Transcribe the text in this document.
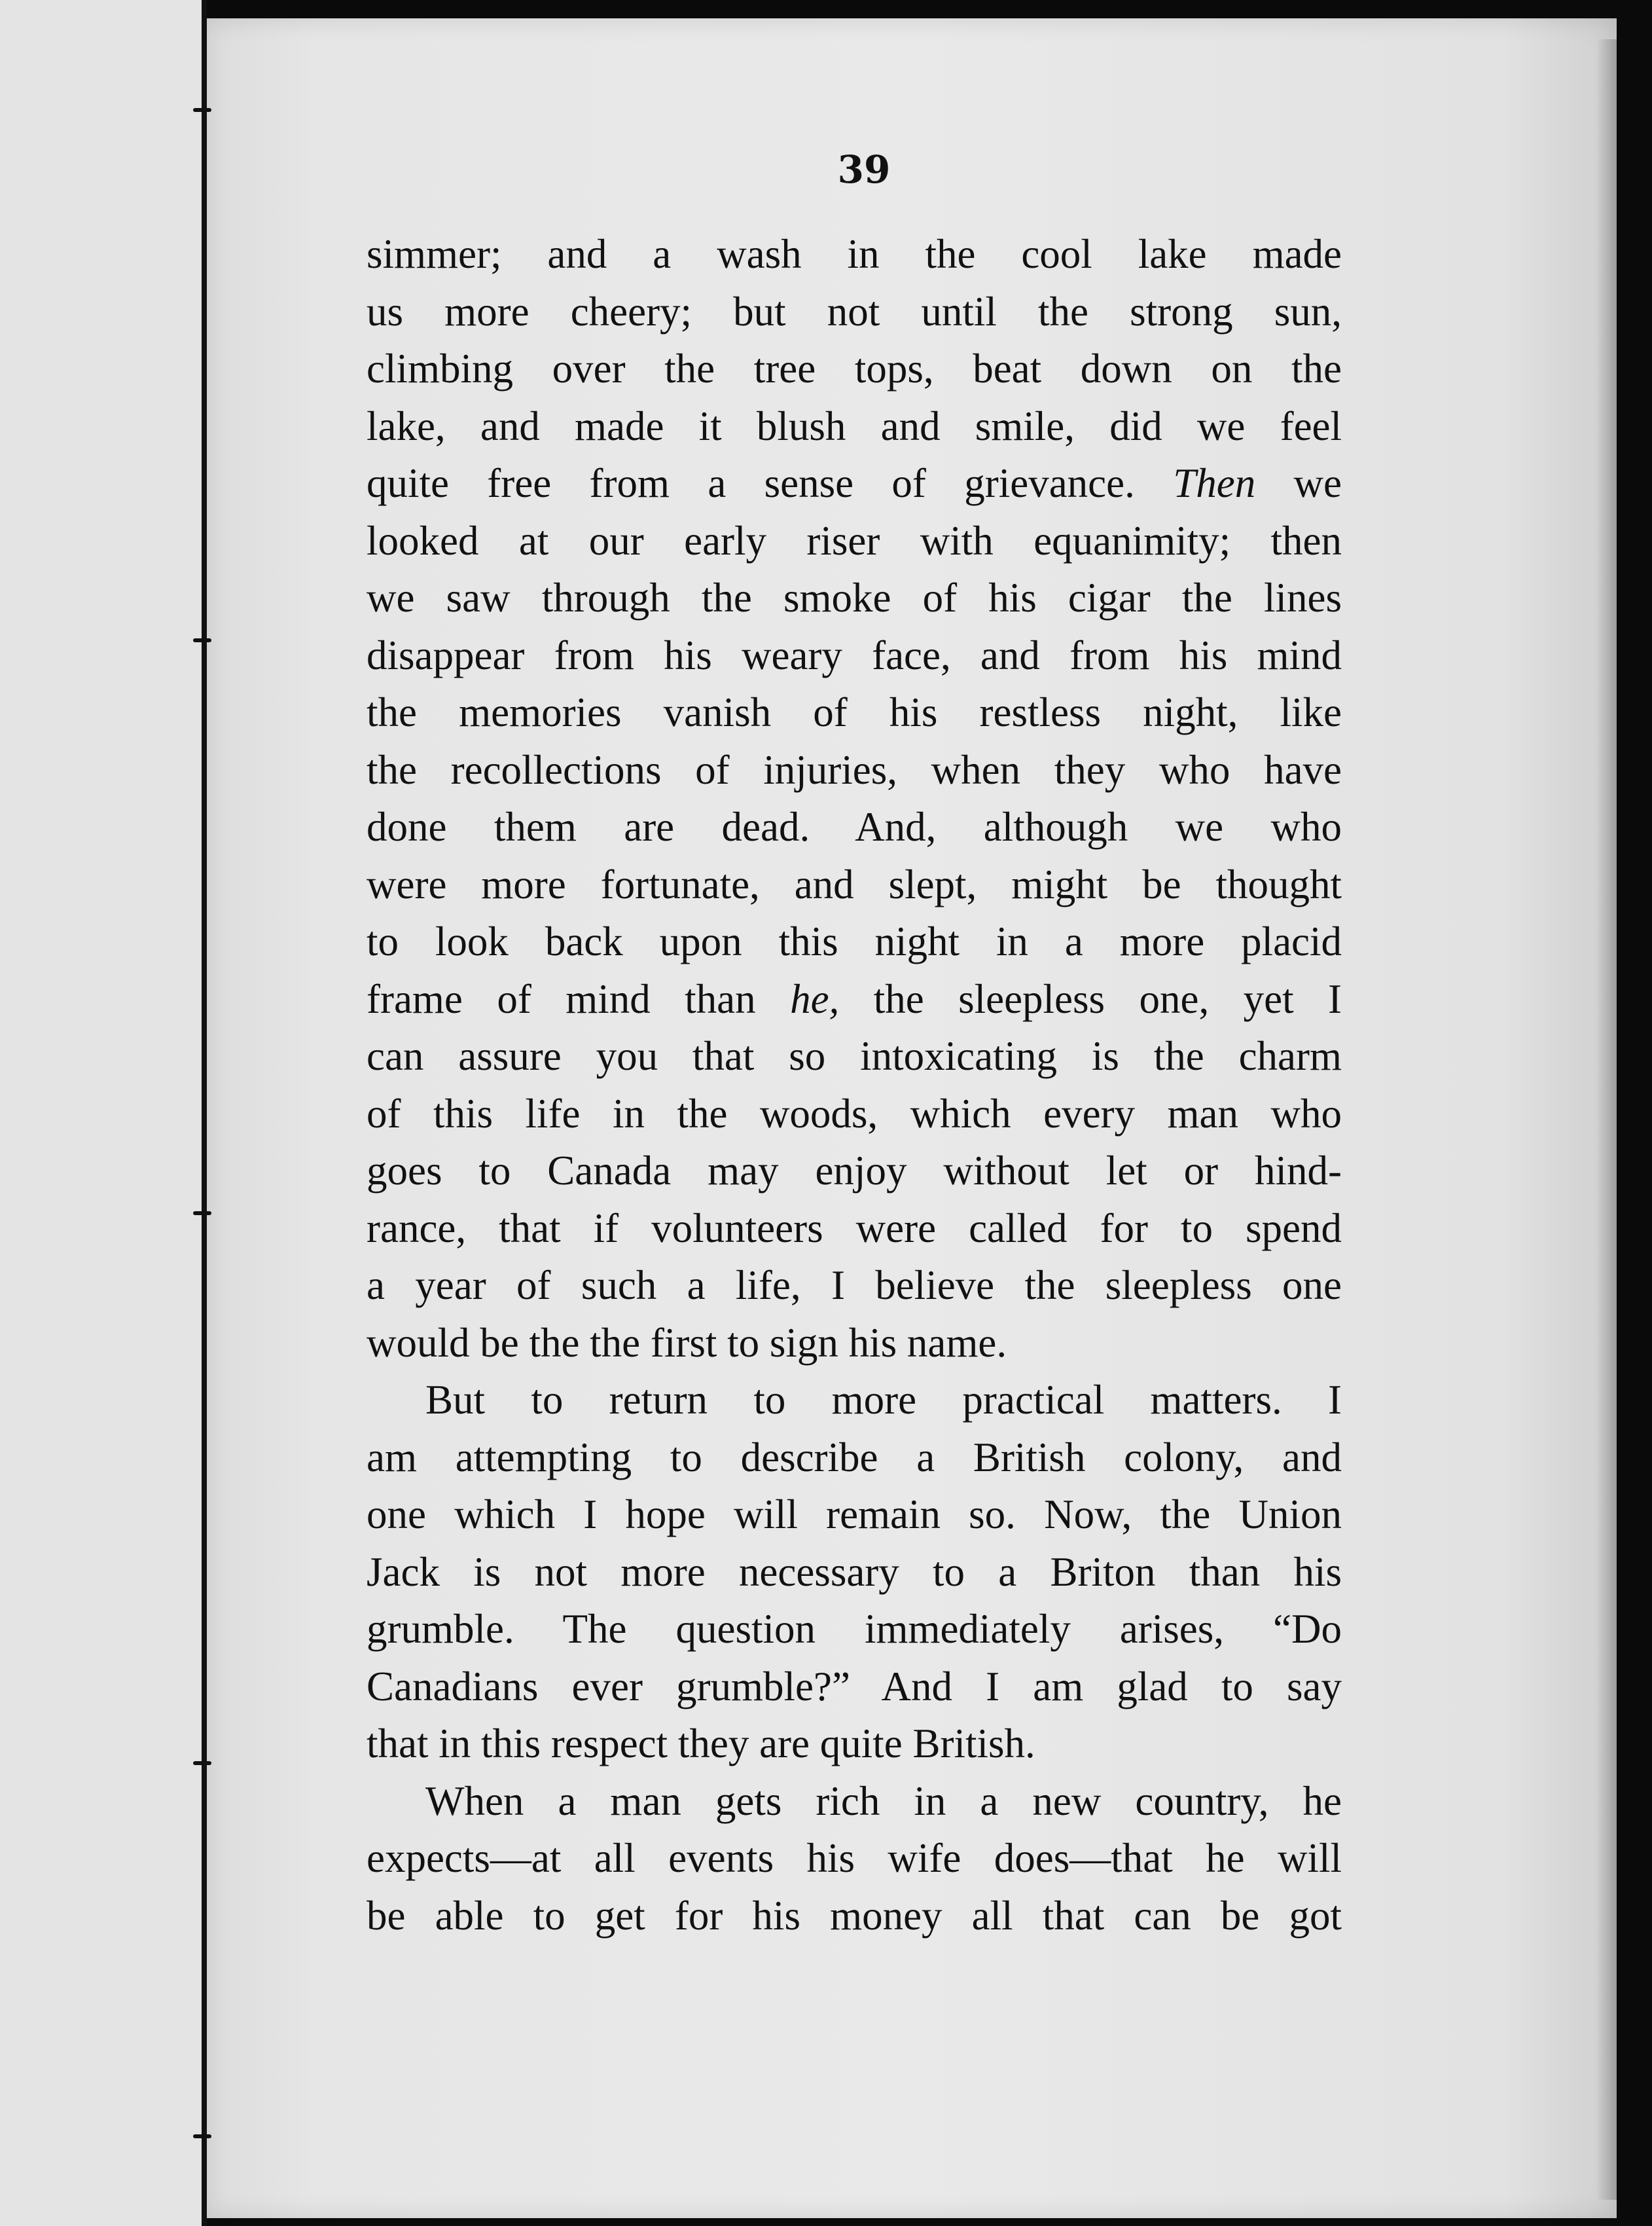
39
simmer; and a wash in the cool lake made
us more cheery; but not until the strong sun,
climbing over the tree tops, beat down on the
lake, and made it blush and smile, did we feel
quite free from a sense of grievance. Then we
looked at our early riser with equanimity; then
we saw through the smoke of his cigar the lines
disappear from his weary face, and from his mind
the memories vanish of his restless night, like
the recollections of injuries, when they who have
done them are dead. And, although we who
were more fortunate, and slept, might be thought
to look back upon this night in a more placid
frame of mind than he, the sleepless one, yet I
can assure you that so intoxicating is the charm
of this life in the woods, which every man who
goes to Canada may enjoy without let or hind-
rance, that if volunteers were called for to spend
a year of such a life, I believe the sleepless one
would be the the first to sign his name.
But to return to more practical matters. I
am attempting to describe a British colony, and
one which I hope will remain so. Now, the Union
Jack is not more necessary to a Briton than his
grumble. The question immediately arises, “Do
Canadians ever grumble?” And I am glad to say
that in this respect they are quite British.
When a man gets rich in a new country, he
expects—at all events his wife does—that he will
be able to get for his money all that can be got
